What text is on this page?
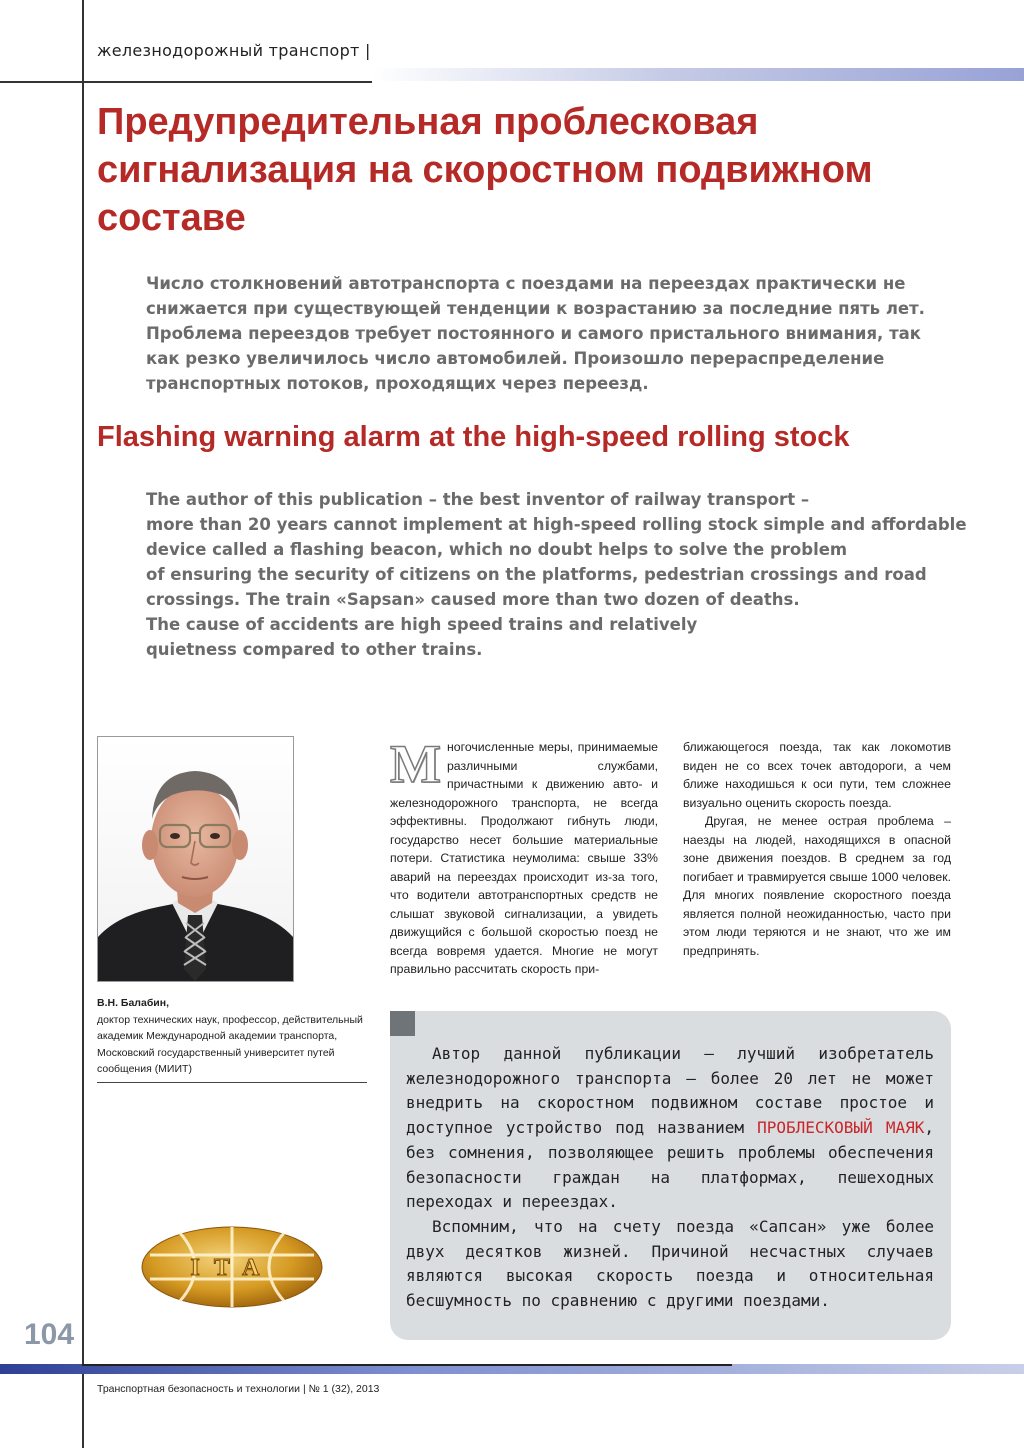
железнодорожный транспорт |
Предупредительная проблесковая сигнализация на скоростном подвижном составе

Число столкновений автотранспорта с поездами на переездах практически не снижается при существующей тенденции к возрастанию за последние пять лет. Проблема переездов требует постоянного и самого пристального внимания, так как резко увеличилось число автомобилей. Произошло перераспределение транспортных потоков, проходящих через переезд.

Flashing warning alarm at the high-speed rolling stock

The author of this publication – the best inventor of railway transport –
more than 20 years cannot implement at high-speed rolling stock simple and affordable
device called a flashing beacon, which no doubt helps to solve the problem
of ensuring the security of citizens on the platforms, pedestrian crossings and road
crossings. The train «Sapsan» caused more than two dozen of deaths.
The cause of accidents are high speed trains and relatively
quietness compared to other trains.

В.Н. Балабин,
доктор технических наук, профессор, действительный академик Международной академии транспорта, Московский государственный университет путей сообщения (МИИТ)

Многочисленные меры, принимаемые различными службами, причастными к движению авто- и железнодорожного транспорта, не всегда эффективны. Продолжают гибнуть люди, государство несет большие материальные потери. Статистика неумолима: свыше 33% аварий на переездах происходит из-за того, что водители автотранспортных средств не слышат звуковой сигнализации, а увидеть движущийся с большой скоростью поезд не всегда вовремя удается. Многие не могут правильно рассчитать скорость при-

ближающегося поезда, так как локомотив виден не со всех точек автодороги, а чем ближе находишься к оси пути, тем сложнее визуально оценить скорость поезда.

Другая, не менее острая проблема – наезды на людей, находящихся в опасной зоне движения поездов. В среднем за год погибает и травмируется свыше 1000 человек. Для многих появление скоростного поезда является полной неожиданностью, часто при этом люди теряются и не знают, что же им предпринять.

Автор данной публикации – лучший изобретатель железнодорожного транспорта – более 20 лет не может внедрить на скоростном подвижном составе простое и доступное устройство под названием ПРОБЛЕСКОВЫЙ МАЯК, без сомнения, позволяющее решить проблемы обеспечения безопасности граждан на платформах, пешеходных переходах и переездах.

Вспомним, что на счету поезда «Сапсан» уже более двух десятков жизней. Причиной несчастных случаев являются высокая скорость поезда и относительная бесшумность по сравнению с другими поездами.

ITA
104
Транспортная безопасность и технологии | № 1 (32), 2013
